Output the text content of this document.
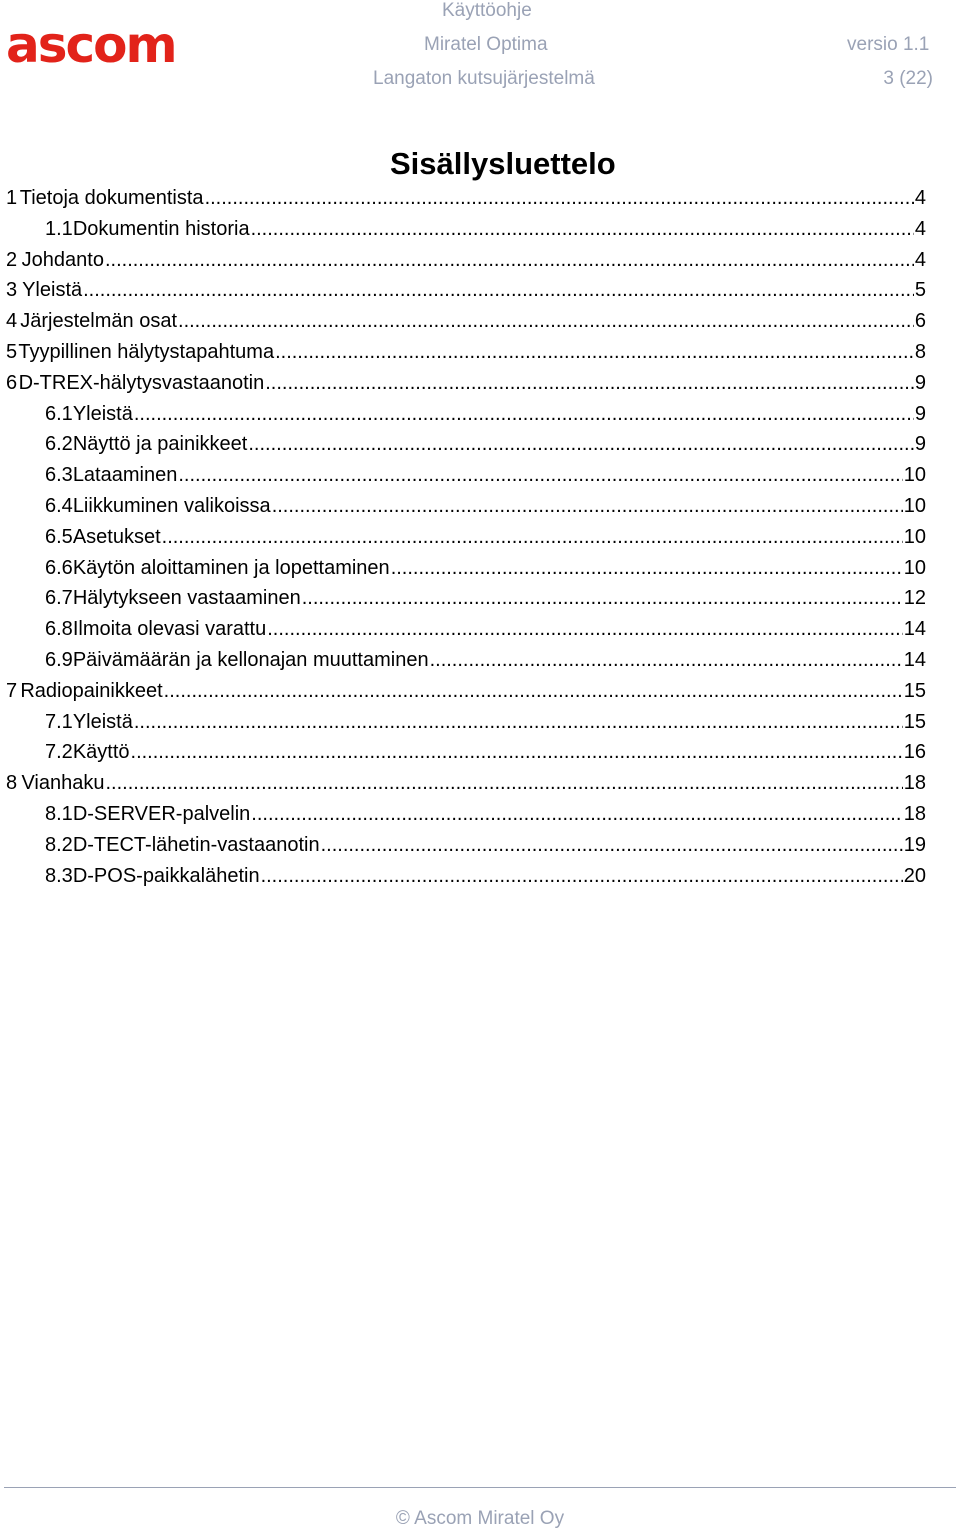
ascom
Käyttöohje
Miratel Optima	versio 1.1
Langaton kutsujärjestelmä	3 (22)
Sisällysluettelo
1 Tietoja dokumentista .....	4
1.1 Dokumentin historia .....	4
2 Johdanto .....	4
3 Yleistä .....	5
4 Järjestelmän osat .....	6
5 Tyypillinen hälytystapahtuma .....	8
6 D-TREX-hälytysvastaanotin .....	9
6.1 Yleistä .....	9
6.2 Näyttö ja painikkeet .....	9
6.3 Lataaminen .....	10
6.4 Liikkuminen valikoissa .....	10
6.5 Asetukset .....	10
6.6 Käytön aloittaminen ja lopettaminen .....	10
6.7 Hälytykseen vastaaminen .....	12
6.8 Ilmoita olevasi varattu .....	14
6.9 Päivämäärän ja kellonajan muuttaminen .....	14
7 Radiopainikkeet .....	15
7.1 Yleistä .....	15
7.2 Käyttö .....	16
8 Vianhaku .....	18
8.1 D-SERVER-palvelin .....	18
8.2 D-TECT-lähetin-vastaanotin .....	19
8.3 D-POS-paikkalähetin .....	20
© Ascom Miratel Oy
